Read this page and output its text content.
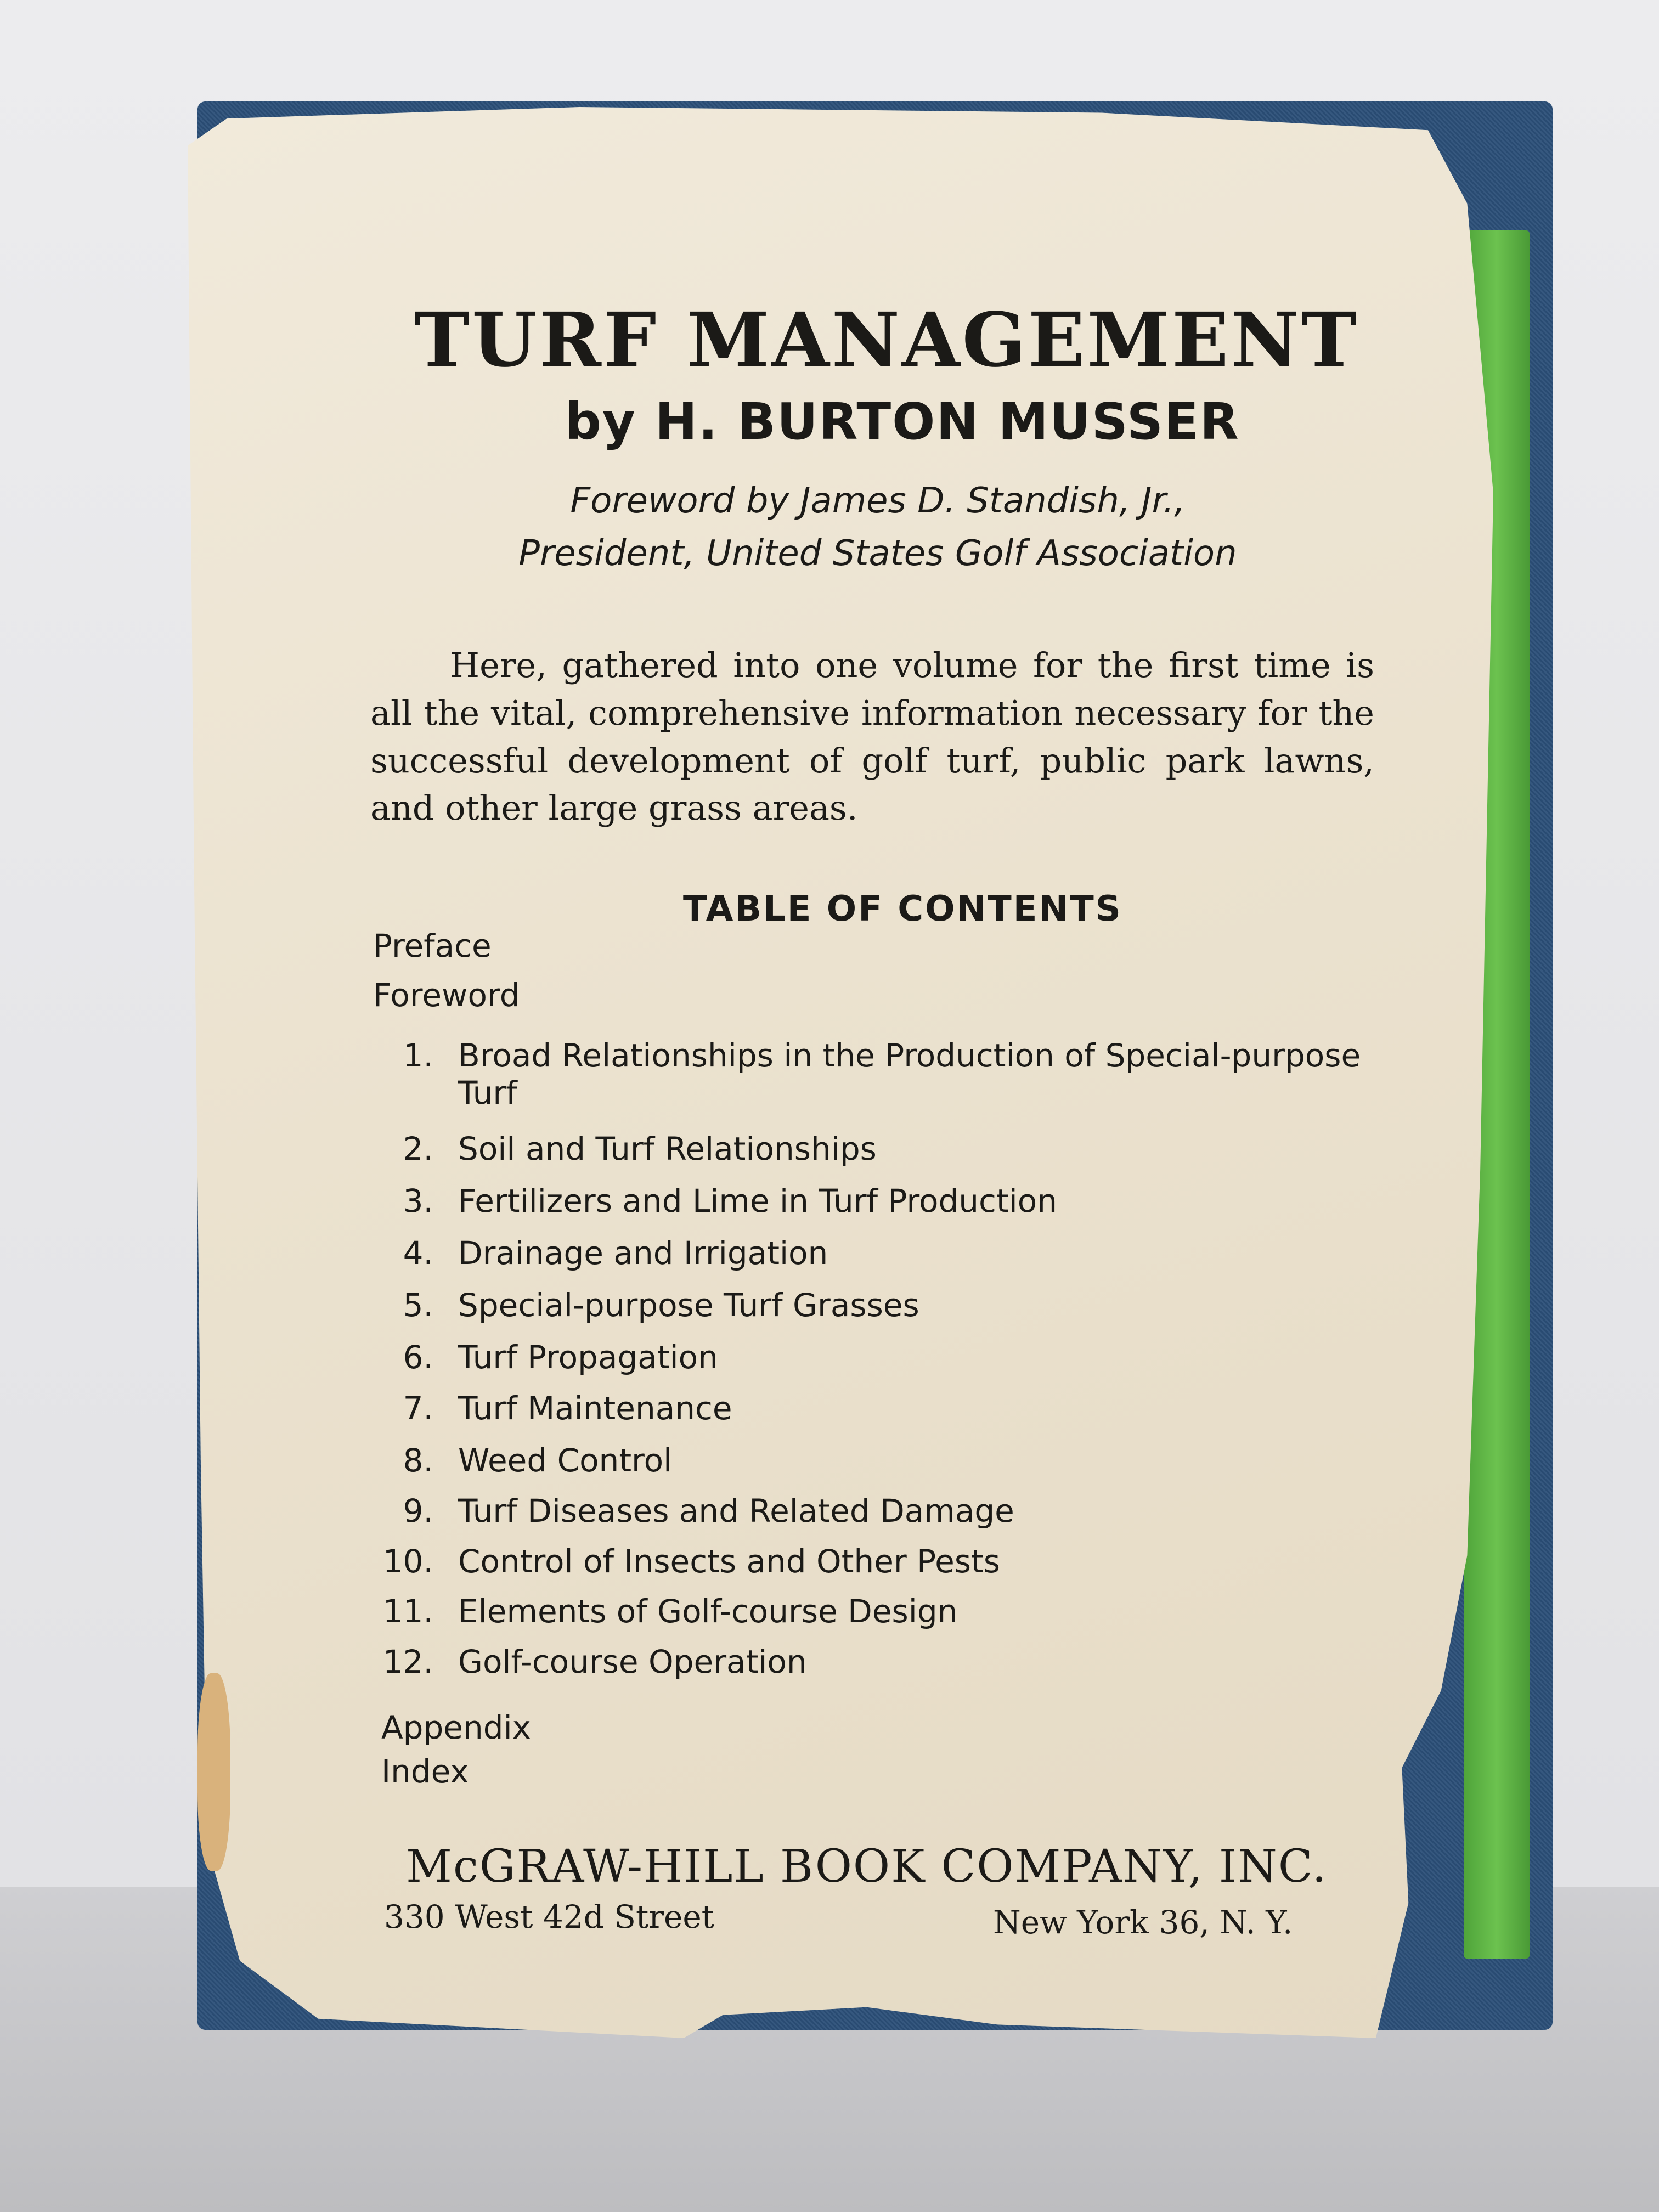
TURF MANAGEMENT
by H. BURTON MUSSER
Foreword by James D. Standish, Jr.,
President, United States Golf Association

Here, gathered into one volume for the first time is all the vital, comprehensive information necessary for the successful development of golf turf, public park lawns, and other large grass areas.

TABLE OF CONTENTS
Preface
Foreword
1. Broad Relationships in the Production of Special-purpose Turf
2. Soil and Turf Relationships
3. Fertilizers and Lime in Turf Production
4. Drainage and Irrigation
5. Special-purpose Turf Grasses
6. Turf Propagation
7. Turf Maintenance
8. Weed Control
9. Turf Diseases and Related Damage
10. Control of Insects and Other Pests
11. Elements of Golf-course Design
12. Golf-course Operation
Appendix
Index
McGRAW-HILL BOOK COMPANY, INC.
330 West 42d Street	New York 36, N. Y.
